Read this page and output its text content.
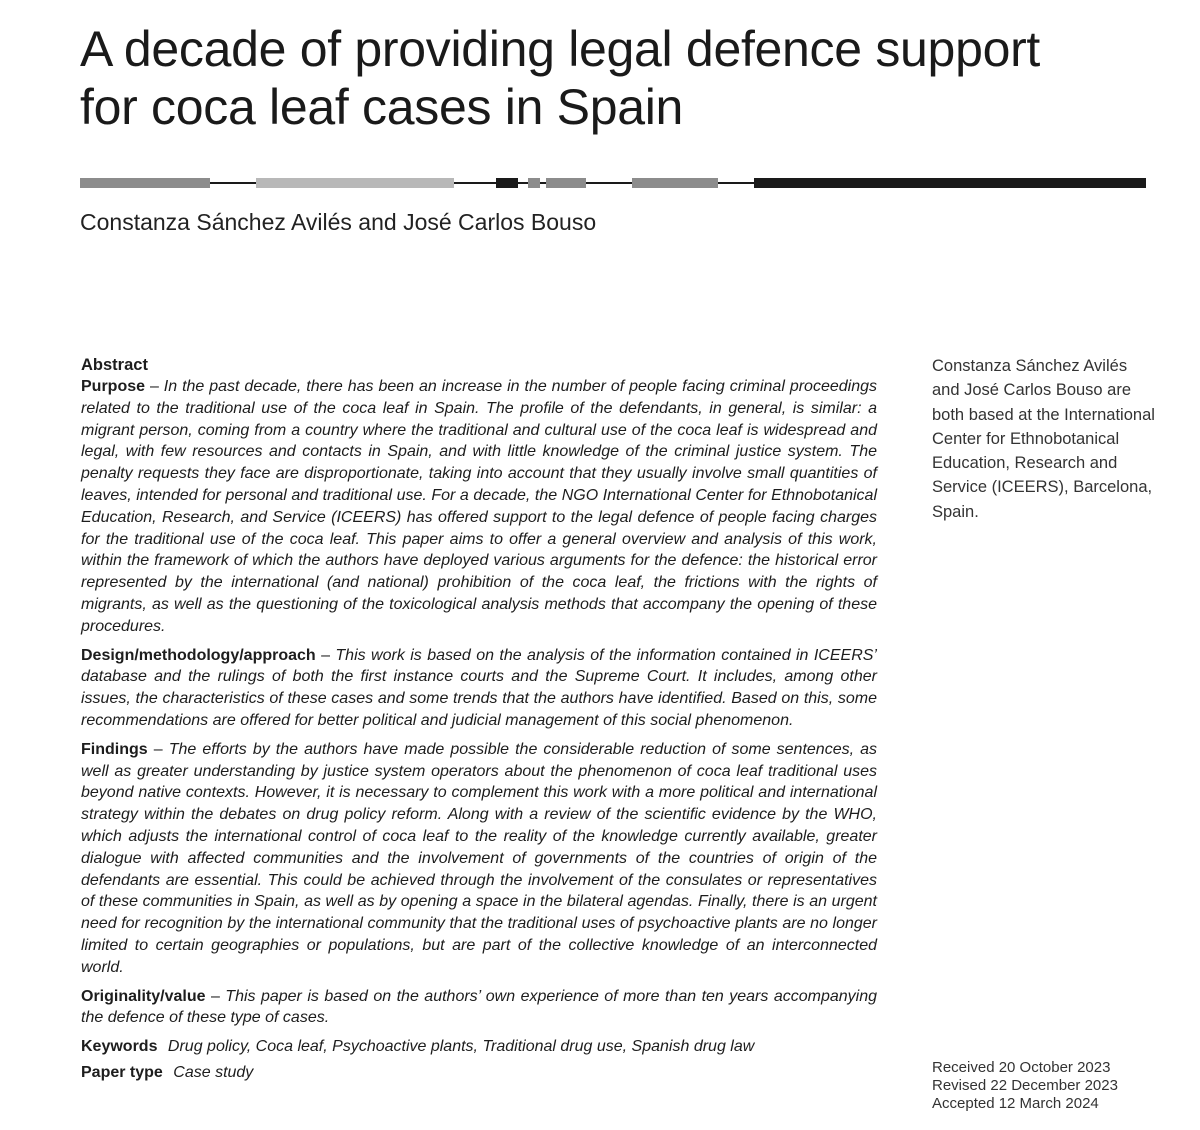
A decade of providing legal defence support for coca leaf cases in Spain
Constanza Sánchez Avilés and José Carlos Bouso

Abstract

Purpose – In the past decade, there has been an increase in the number of people facing criminal proceedings related to the traditional use of the coca leaf in Spain. The profile of the defendants, in general, is similar: a migrant person, coming from a country where the traditional and cultural use of the coca leaf is widespread and legal, with few resources and contacts in Spain, and with little knowledge of the criminal justice system. The penalty requests they face are disproportionate, taking into account that they usually involve small quantities of leaves, intended for personal and traditional use. For a decade, the NGO International Center for Ethnobotanical Education, Research, and Service (ICEERS) has offered support to the legal defence of people facing charges for the traditional use of the coca leaf. This paper aims to offer a general overview and analysis of this work, within the framework of which the authors have deployed various arguments for the defence: the historical error represented by the international (and national) prohibition of the coca leaf, the frictions with the rights of migrants, as well as the questioning of the toxicological analysis methods that accompany the opening of these procedures.

Design/methodology/approach – This work is based on the analysis of the information contained in ICEERS’ database and the rulings of both the first instance courts and the Supreme Court. It includes, among other issues, the characteristics of these cases and some trends that the authors have identified. Based on this, some recommendations are offered for better political and judicial management of this social phenomenon.

Findings – The efforts by the authors have made possible the considerable reduction of some sentences, as well as greater understanding by justice system operators about the phenomenon of coca leaf traditional uses beyond native contexts. However, it is necessary to complement this work with a more political and international strategy within the debates on drug policy reform. Along with a review of the scientific evidence by the WHO, which adjusts the international control of coca leaf to the reality of the knowledge currently available, greater dialogue with affected communities and the involvement of governments of the countries of origin of the defendants are essential. This could be achieved through the involvement of the consulates or representatives of these communities in Spain, as well as by opening a space in the bilateral agendas. Finally, there is an urgent need for recognition by the international community that the traditional uses of psychoactive plants are no longer limited to certain geographies or populations, but are part of the collective knowledge of an interconnected world.

Originality/value – This paper is based on the authors’ own experience of more than ten years accompanying the defence of these type of cases.

Keywords Drug policy, Coca leaf, Psychoactive plants, Traditional drug use, Spanish drug law

Paper type Case study

Constanza Sánchez Avilés and José Carlos Bouso are both based at the International Center for Ethnobotanical Education, Research and Service (ICEERS), Barcelona, Spain.

Received 20 October 2023
Revised 22 December 2023
Accepted 12 March 2024
